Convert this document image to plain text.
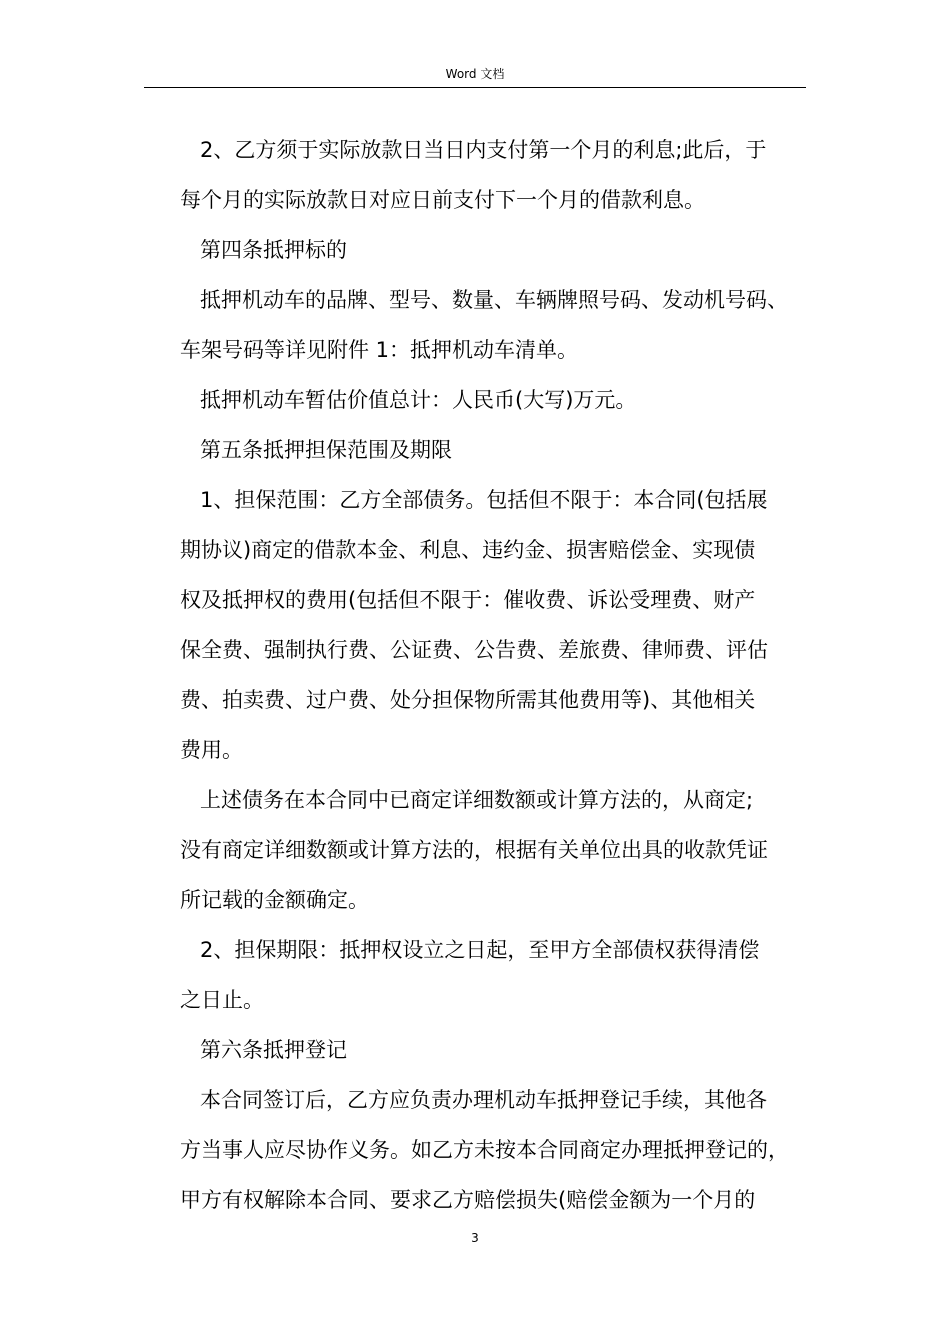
Word 文档
2、乙方须于实际放款日当日内支付第一个月的利息;此后，于
每个月的实际放款日对应日前支付下一个月的借款利息。
第四条抵押标的
抵押机动车的品牌、型号、数量、车辆牌照号码、发动机号码、
车架号码等详见附件 1：抵押机动车清单。
抵押机动车暂估价值总计：人民币(大写)万元。
第五条抵押担保范围及期限
1、担保范围：乙方全部债务。包括但不限于：本合同(包括展
期协议)商定的借款本金、利息、违约金、损害赔偿金、实现债
权及抵押权的费用(包括但不限于：催收费、诉讼受理费、财产
保全费、强制执行费、公证费、公告费、差旅费、律师费、评估
费、拍卖费、过户费、处分担保物所需其他费用等)、其他相关
费用。
上述债务在本合同中已商定详细数额或计算方法的，从商定;
没有商定详细数额或计算方法的，根据有关单位出具的收款凭证
所记载的金额确定。
2、担保期限：抵押权设立之日起，至甲方全部债权获得清偿
之日止。
第六条抵押登记
本合同签订后，乙方应负责办理机动车抵押登记手续，其他各
方当事人应尽协作义务。如乙方未按本合同商定办理抵押登记的，
甲方有权解除本合同、要求乙方赔偿损失(赔偿金额为一个月的
3
